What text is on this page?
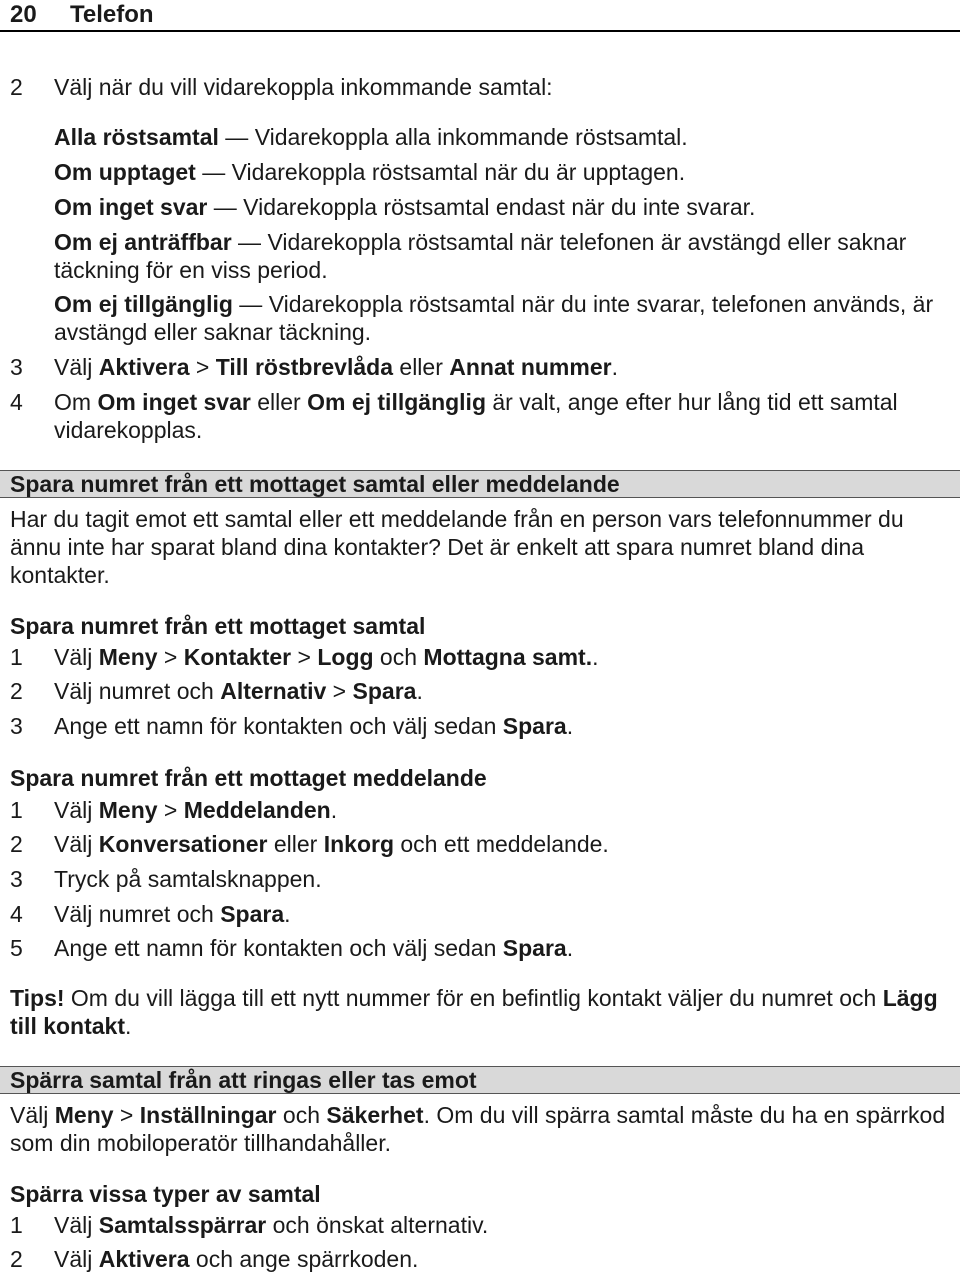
20 Telefon
2 Välj när du vill vidarekoppla inkommande samtal:
Alla röstsamtal — Vidarekoppla alla inkommande röstsamtal.
Om upptaget — Vidarekoppla röstsamtal när du är upptagen.
Om inget svar — Vidarekoppla röstsamtal endast när du inte svarar.
Om ej anträffbar — Vidarekoppla röstsamtal när telefonen är avstängd eller saknar täckning för en viss period.
Om ej tillgänglig — Vidarekoppla röstsamtal när du inte svarar, telefonen används, är avstängd eller saknar täckning.
3 Välj Aktivera > Till röstbrevlåda eller Annat nummer.
4 Om Om inget svar eller Om ej tillgänglig är valt, ange efter hur lång tid ett samtal vidarekopplas.
Spara numret från ett mottaget samtal eller meddelande
Har du tagit emot ett samtal eller ett meddelande från en person vars telefonnummer du ännu inte har sparat bland dina kontakter? Det är enkelt att spara numret bland dina kontakter.
Spara numret från ett mottaget samtal
1 Välj Meny > Kontakter > Logg och Mottagna samt..
2 Välj numret och Alternativ > Spara.
3 Ange ett namn för kontakten och välj sedan Spara.
Spara numret från ett mottaget meddelande
1 Välj Meny > Meddelanden.
2 Välj Konversationer eller Inkorg och ett meddelande.
3 Tryck på samtalsknappen.
4 Välj numret och Spara.
5 Ange ett namn för kontakten och välj sedan Spara.
Tips! Om du vill lägga till ett nytt nummer för en befintlig kontakt väljer du numret och Lägg till kontakt.
Spärra samtal från att ringas eller tas emot
Välj Meny > Inställningar och Säkerhet. Om du vill spärra samtal måste du ha en spärrkod som din mobiloperatör tillhandahåller.
Spärra vissa typer av samtal
1 Välj Samtalsspärrar och önskat alternativ.
2 Välj Aktivera och ange spärrkoden.
